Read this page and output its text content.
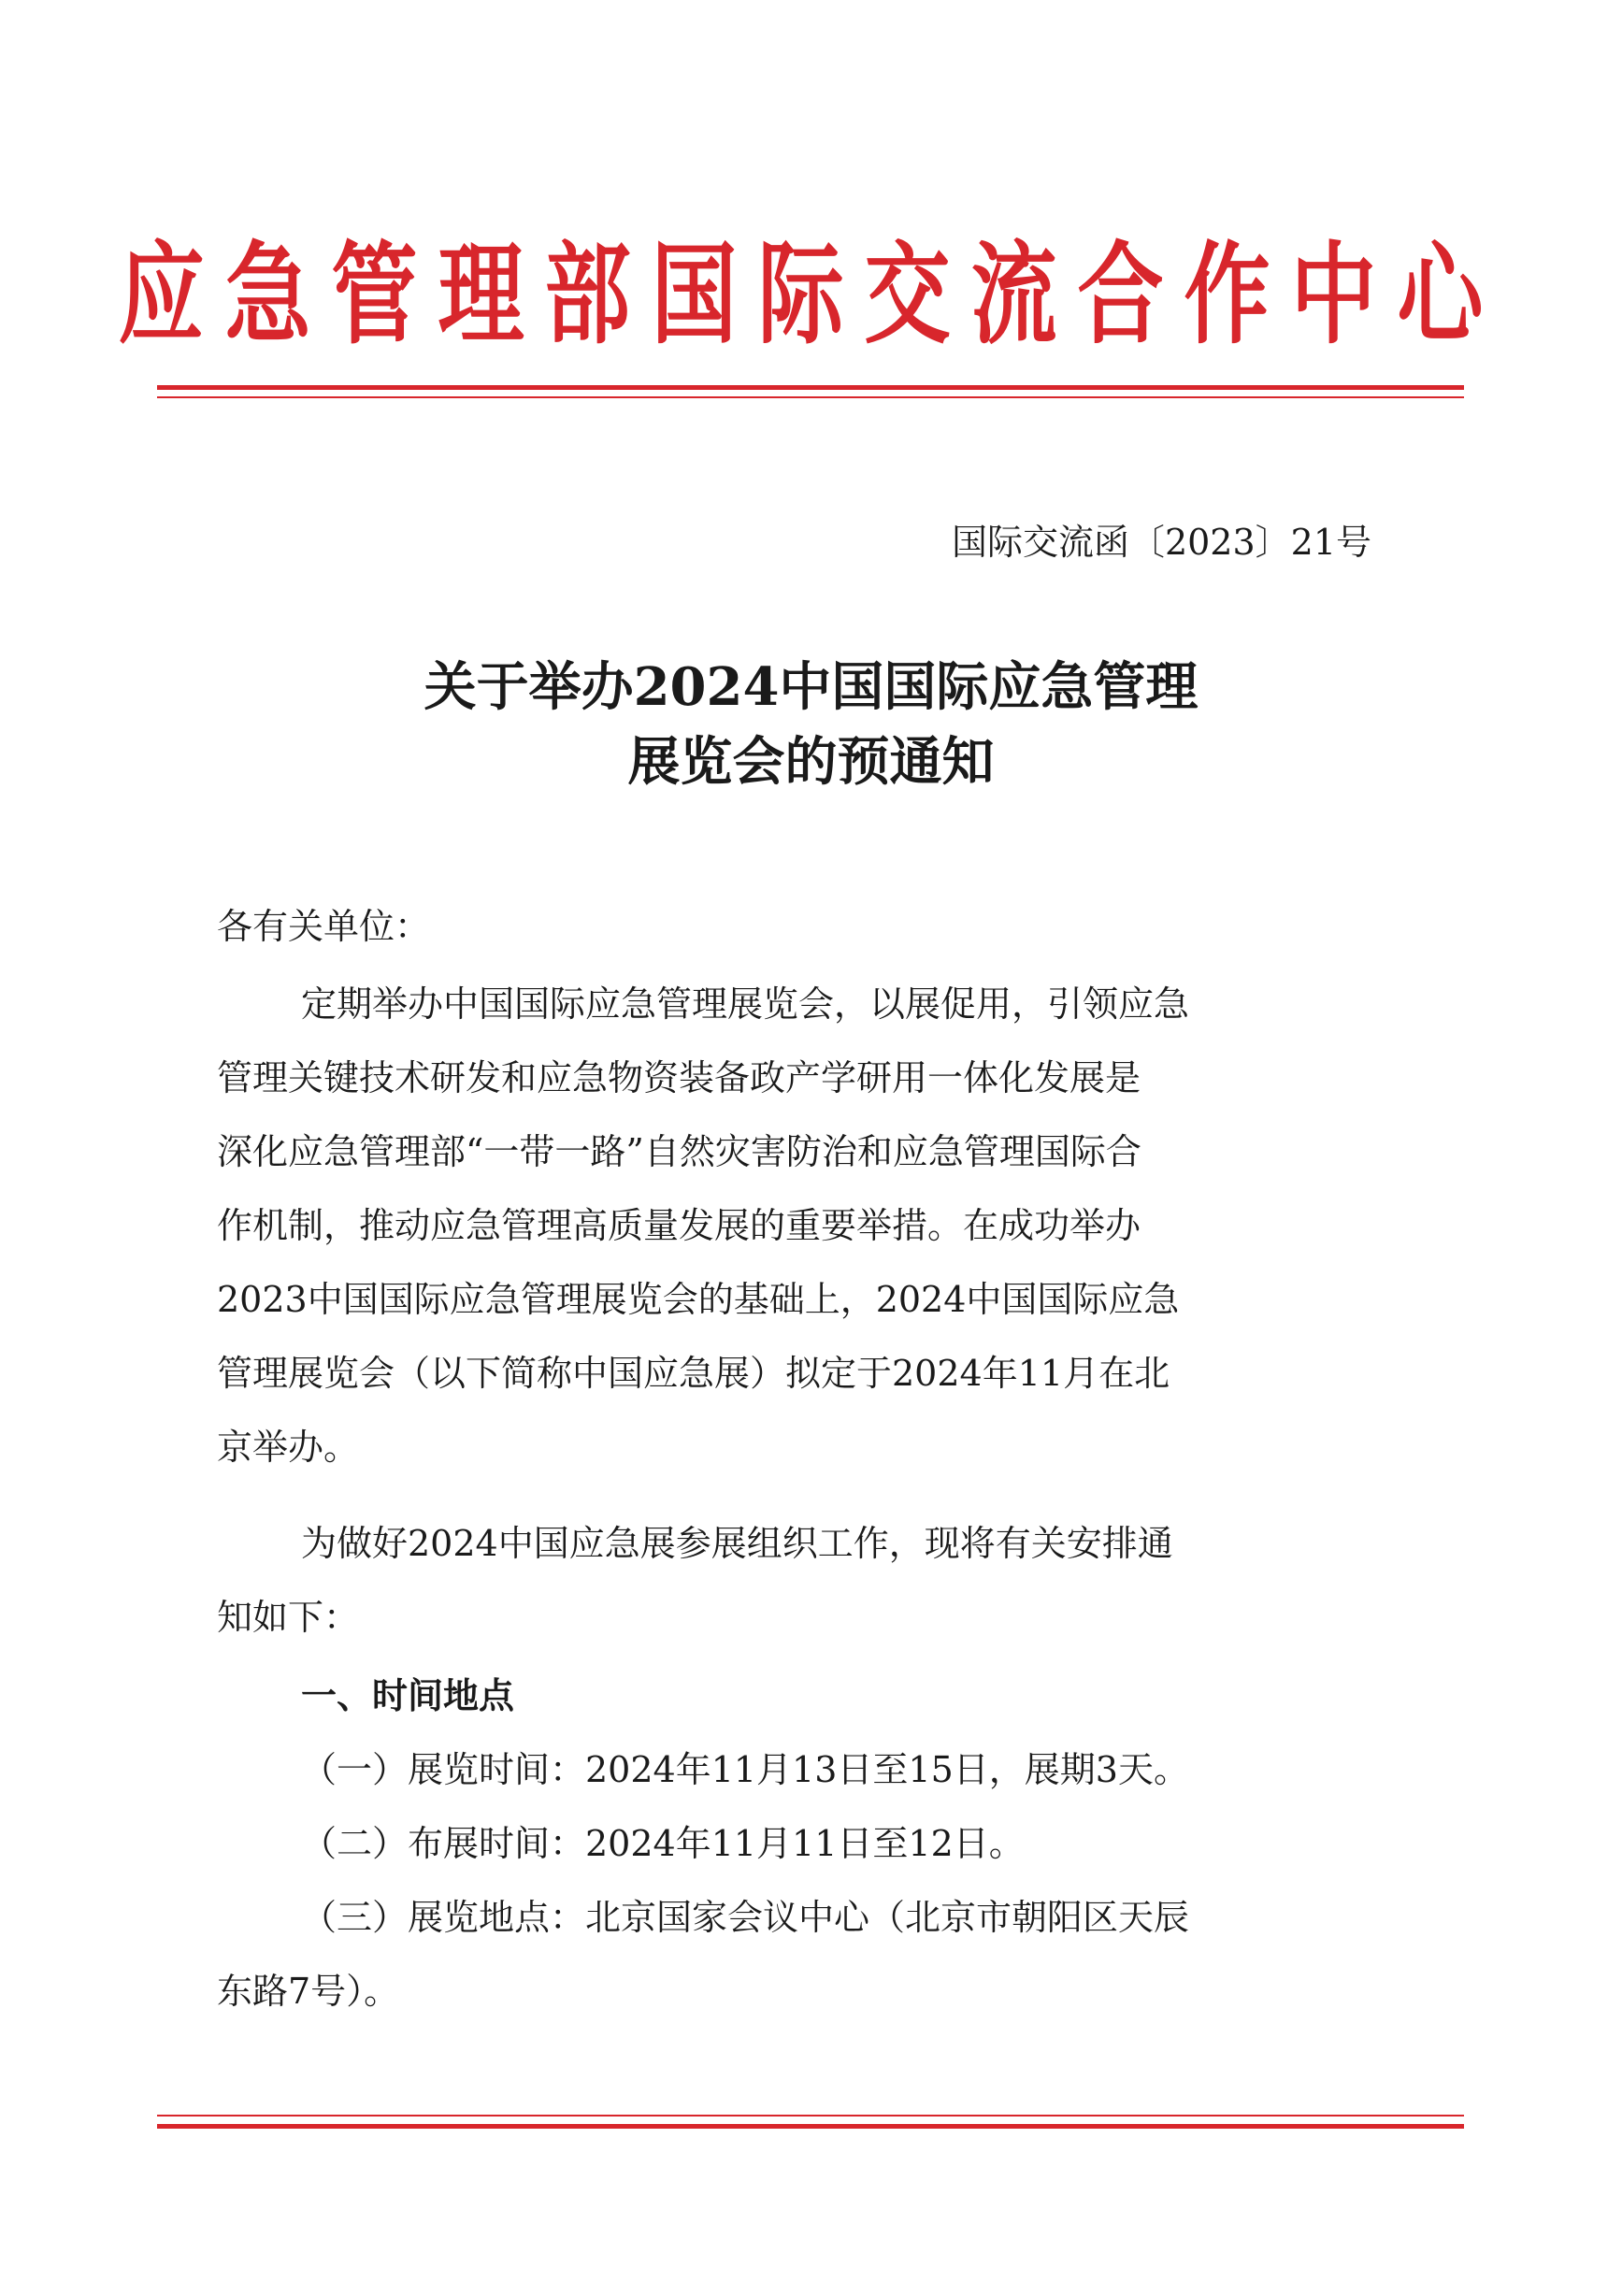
应急管理部国际交流合作中心
国际交流函〔2023〕21号
关于举办2024中国国际应急管理
展览会的预通知
各有关单位：
定期举办中国国际应急管理展览会，以展促用，引领应急
管理关键技术研发和应急物资装备政产学研用一体化发展是
深化应急管理部“一带一路”自然灾害防治和应急管理国际合
作机制，推动应急管理高质量发展的重要举措。在成功举办
2023中国国际应急管理展览会的基础上，2024中国国际应急
管理展览会（以下简称中国应急展）拟定于2024年11月在北
京举办。
为做好2024中国应急展参展组织工作，现将有关安排通
知如下：
一、时间地点
（一）展览时间：2024年11月13日至15日，展期3天。
（二）布展时间：2024年11月11日至12日。
（三）展览地点：北京国家会议中心（北京市朝阳区天辰
东路7号）。
